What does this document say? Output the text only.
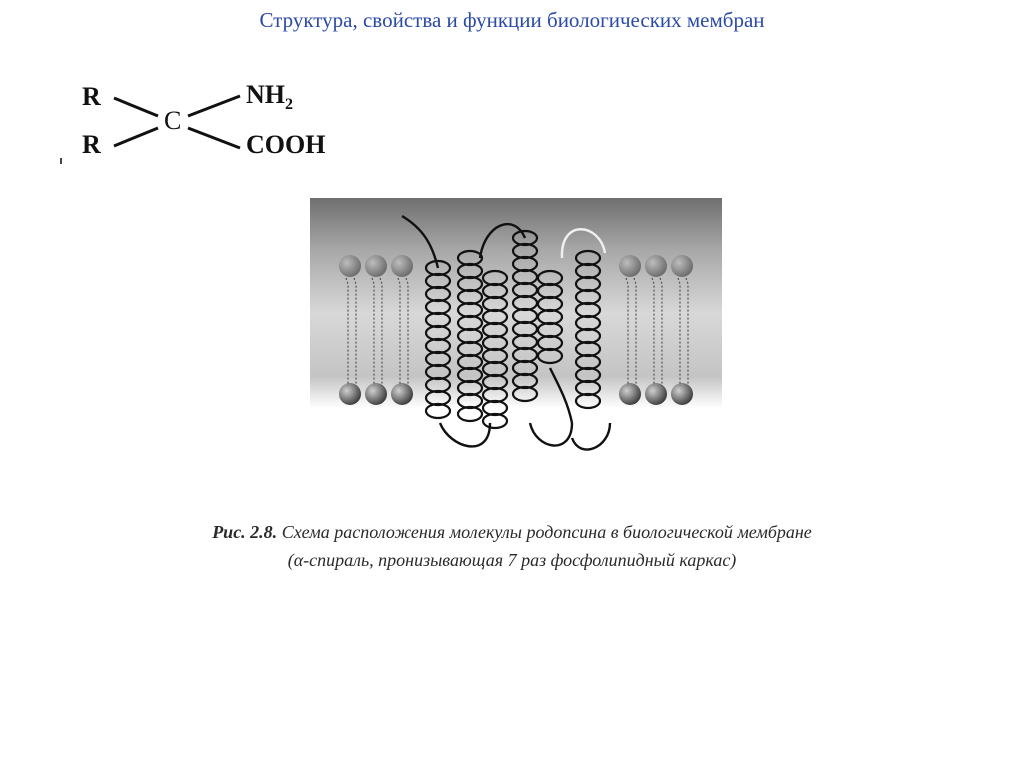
Структура, свойства и функции биологических мембран
R
R
C
$NH_2$
COOH
Рис. 2.8. Схема расположения молекулы родопсина в биологической мембране
(α-спираль, пронизывающая 7 раз фосфолипидный каркас)
